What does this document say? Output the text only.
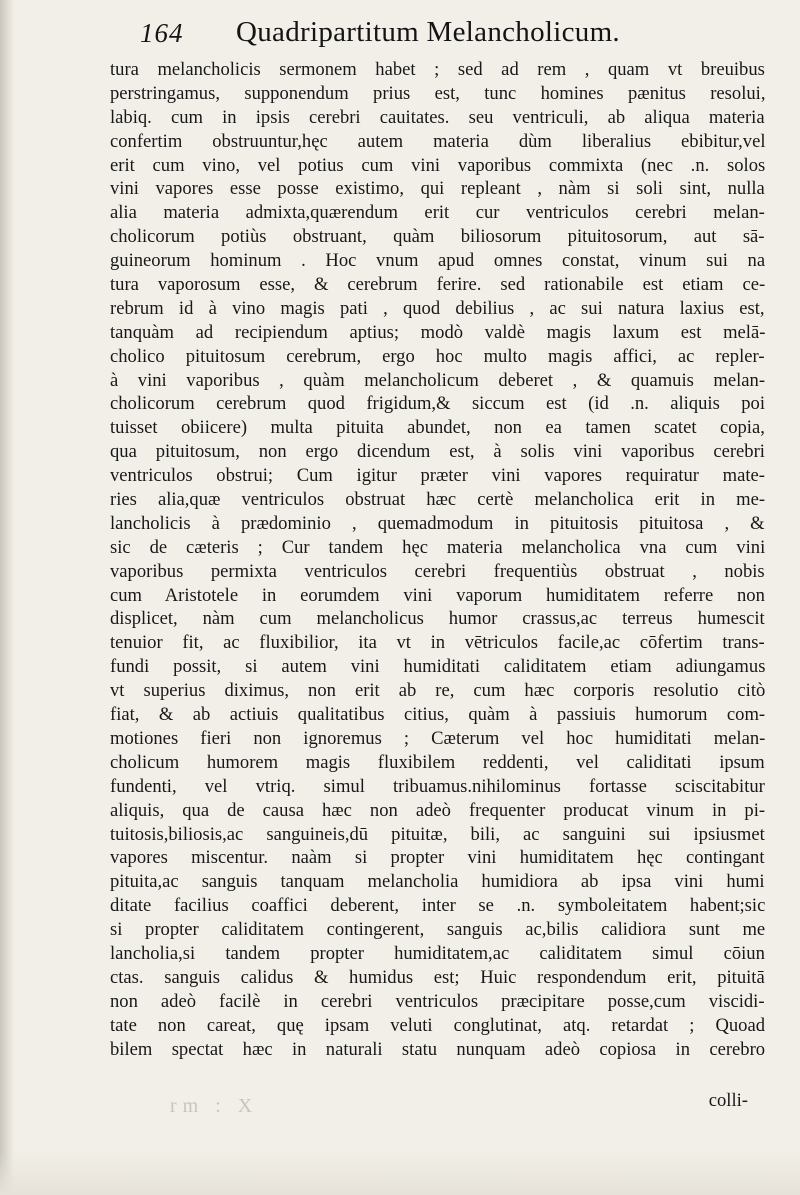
164 Quadripartitum Melancholicum.
tura melancholicis sermonem habet ; sed ad rem , quam vt breuibus
perstringamus, supponendum prius est, tunc homines pænitus resolui,
labiq. cum in ipsis cerebri cauitates. seu ventriculi, ab aliqua materia
confertim obstruuntur,hęc autem materia dùm liberalius ebibitur,vel
erit cum vino, vel potius cum vini vaporibus commixta (nec .n. solos
vini vapores esse posse existimo, qui repleant , nàm si soli sint, nulla
alia materia admixta,quærendum erit cur ventriculos cerebri melan-
cholicorum potiùs obstruant, quàm biliosorum pituitosorum, aut sā-
guineorum hominum . Hoc vnum apud omnes constat, vinum sui na
tura vaporosum esse, & cerebrum ferire. sed rationabile est etiam ce-
rebrum id à vino magis pati , quod debilius , ac sui natura laxius est,
tanquàm ad recipiendum aptius; modò valdè magis laxum est melā-
cholico pituitosum cerebrum, ergo hoc multo magis affici, ac repler-
à vini vaporibus , quàm melancholicum deberet , & quamuis melan-
cholicorum cerebrum quod frigidum,& siccum est (id .n. aliquis poi
tuisset obiicere) multa pituita abundet, non ea tamen scatet copia,
qua pituitosum, non ergo dicendum est, à solis vini vaporibus cerebri
ventriculos obstrui; Cum igitur præter vini vapores requiratur mate-
ries alia,quæ ventriculos obstruat hæc certè melancholica erit in me-
lancholicis à prædominio , quemadmodum in pituitosis pituitosa , &
sic de cæteris ; Cur tandem hęc materia melancholica vna cum vini
vaporibus permixta ventriculos cerebri frequentiùs obstruat , nobis
cum Aristotele in eorumdem vini vaporum humiditatem referre non
displicet, nàm cum melancholicus humor crassus,ac terreus humescit
tenuior fit, ac fluxibilior, ita vt in vētriculos facile,ac cōfertim trans-
fundi possit, si autem vini humiditati caliditatem etiam adiungamus
vt superius diximus, non erit ab re, cum hæc corporis resolutio citò
fiat, & ab actiuis qualitatibus citius, quàm à passiuis humorum com-
motiones fieri non ignoremus ; Cæterum vel hoc humiditati melan-
cholicum humorem magis fluxibilem reddenti, vel caliditati ipsum
fundenti, vel vtriq. simul tribuamus.nihilominus fortasse sciscitabitur
aliquis, qua de causa hæc non adeò frequenter producat vinum in pi-
tuitosis,biliosis,ac sanguineis,dū pituitæ, bili, ac sanguini sui ipsiusmet
vapores miscentur. naàm si propter vini humiditatem hęc contingant
pituita,ac sanguis tanquam melancholia humidiora ab ipsa vini humi
ditate facilius coaffici deberent, inter se .n. symboleitatem habent;sic
si propter caliditatem contingerent, sanguis ac,bilis calidiora sunt me
lancholia,si tandem propter humiditatem,ac caliditatem simul cōiun
ctas. sanguis calidus & humidus est; Huic respondendum erit, pituitā
non adeò facilè in cerebri ventriculos præcipitare posse,cum viscidi-
tate non careat, quę ipsam veluti conglutinat, atq. retardat ; Quoad
bilem spectat hæc in naturali statu nunquam adeò copiosa in cerebro
colli-
rm : X
